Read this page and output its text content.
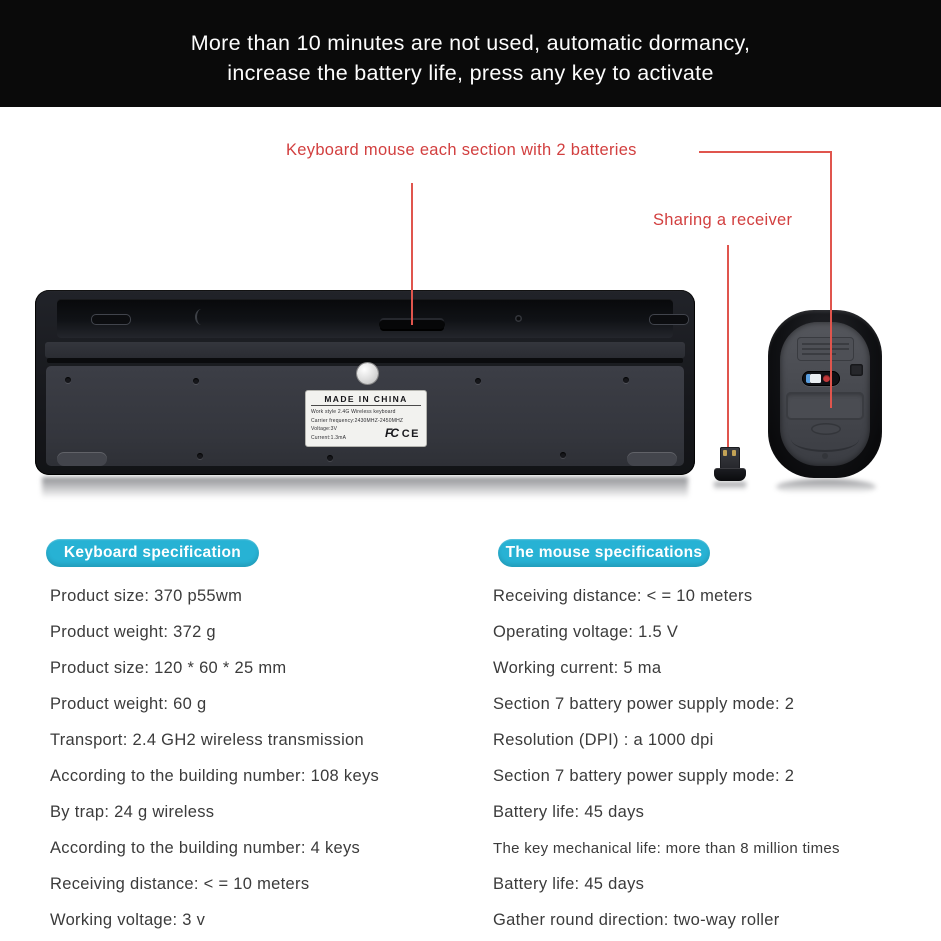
More than 10 minutes are not used, automatic dormancy,
increase the battery life, press any key to activate
Keyboard mouse each section with 2 batteries
Sharing a receiver
MADE IN CHINA
Work style 2.4G Wireless keyboard
Carrier frequency:2430MHZ-2450MHZ
Voltage:3V
Current:1.3mA	FC CE
Keyboard specification	The mouse specifications
Product size: 370 p55wm
Product weight: 372 g
Product size: 120 * 60 * 25 mm
Product weight: 60 g
Transport: 2.4 GH2 wireless transmission
According to the building number: 108 keys
By trap: 24 g wireless
According to the building number: 4 keys
Receiving distance: < = 10 meters
Working voltage: 3 v
Receiving distance: < = 10 meters
Operating voltage: 1.5 V
Working current: 5 ma
Section 7 battery power supply mode: 2
Resolution (DPI) : a 1000 dpi
Section 7 battery power supply mode: 2
Battery life: 45 days
The key mechanical life: more than 8 million times
Battery life: 45 days
Gather round direction: two-way roller
